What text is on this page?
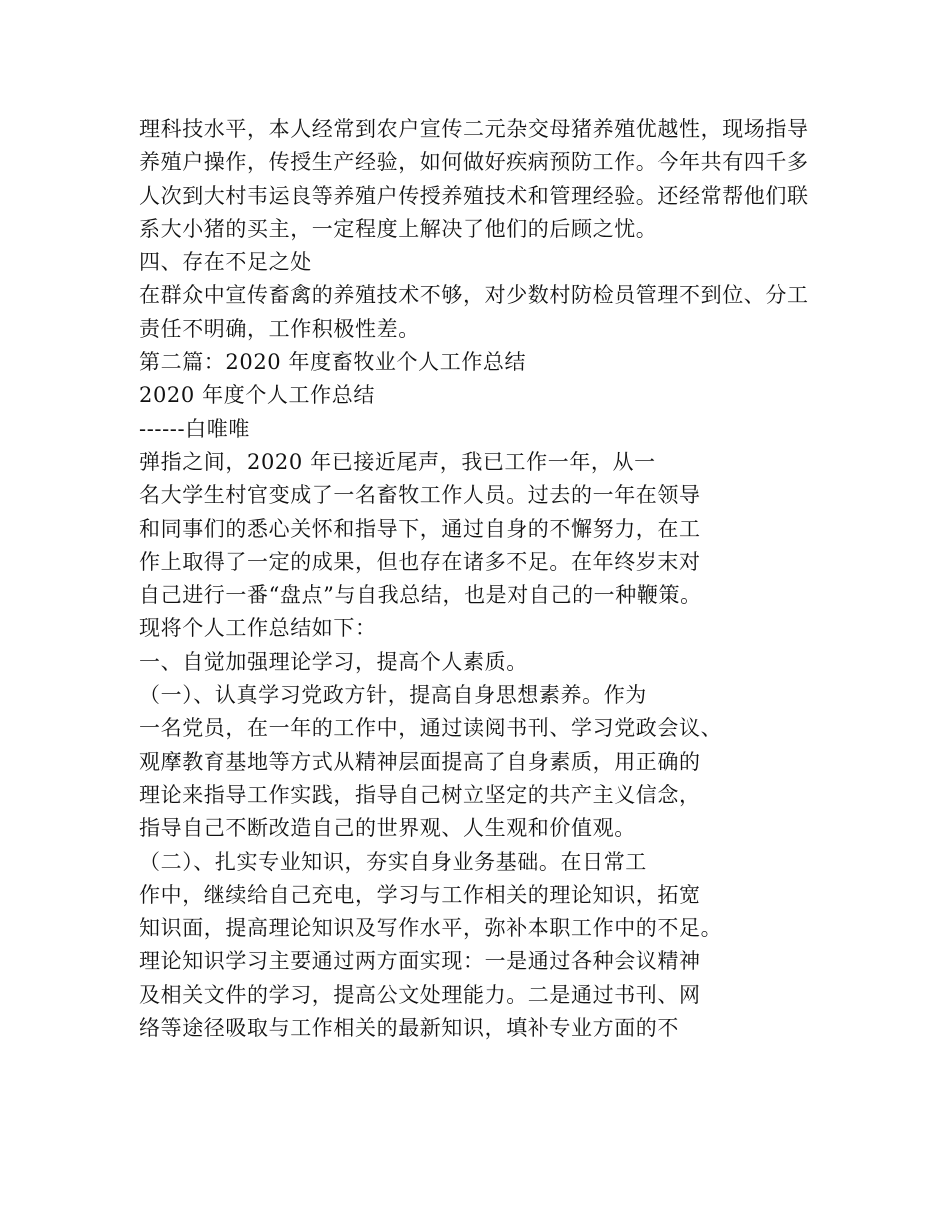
理科技水平，本人经常到农户宣传二元杂交母猪养殖优越性，现场指导
养殖户操作，传授生产经验，如何做好疾病预防工作。今年共有四千多
人次到大村韦运良等养殖户传授养殖技术和管理经验。还经常帮他们联
系大小猪的买主，一定程度上解决了他们的后顾之忧。
四、存在不足之处
在群众中宣传畜禽的养殖技术不够，对少数村防检员管理不到位、分工
责任不明确，工作积极性差。
第二篇：2020 年度畜牧业个人工作总结
2020 年度个人工作总结
------白唯唯
弹指之间，2020 年已接近尾声，我已工作一年，从一
名大学生村官变成了一名畜牧工作人员。过去的一年在领导
和同事们的悉心关怀和指导下，通过自身的不懈努力，在工
作上取得了一定的成果，但也存在诸多不足。在年终岁末对
自己进行一番“盘点”与自我总结，也是对自己的一种鞭策。
现将个人工作总结如下：
一、自觉加强理论学习，提高个人素质。
（一）、认真学习党政方针，提高自身思想素养。作为
一名党员，在一年的工作中，通过读阅书刊、学习党政会议、
观摩教育基地等方式从精神层面提高了自身素质，用正确的
理论来指导工作实践，指导自己树立坚定的共产主义信念，
指导自己不断改造自己的世界观、人生观和价值观。
（二）、扎实专业知识，夯实自身业务基础。在日常工
作中，继续给自己充电，学习与工作相关的理论知识，拓宽
知识面，提高理论知识及写作水平，弥补本职工作中的不足。
理论知识学习主要通过两方面实现：一是通过各种会议精神
及相关文件的学习，提高公文处理能力。二是通过书刊、网
络等途径吸取与工作相关的最新知识，填补专业方面的不
